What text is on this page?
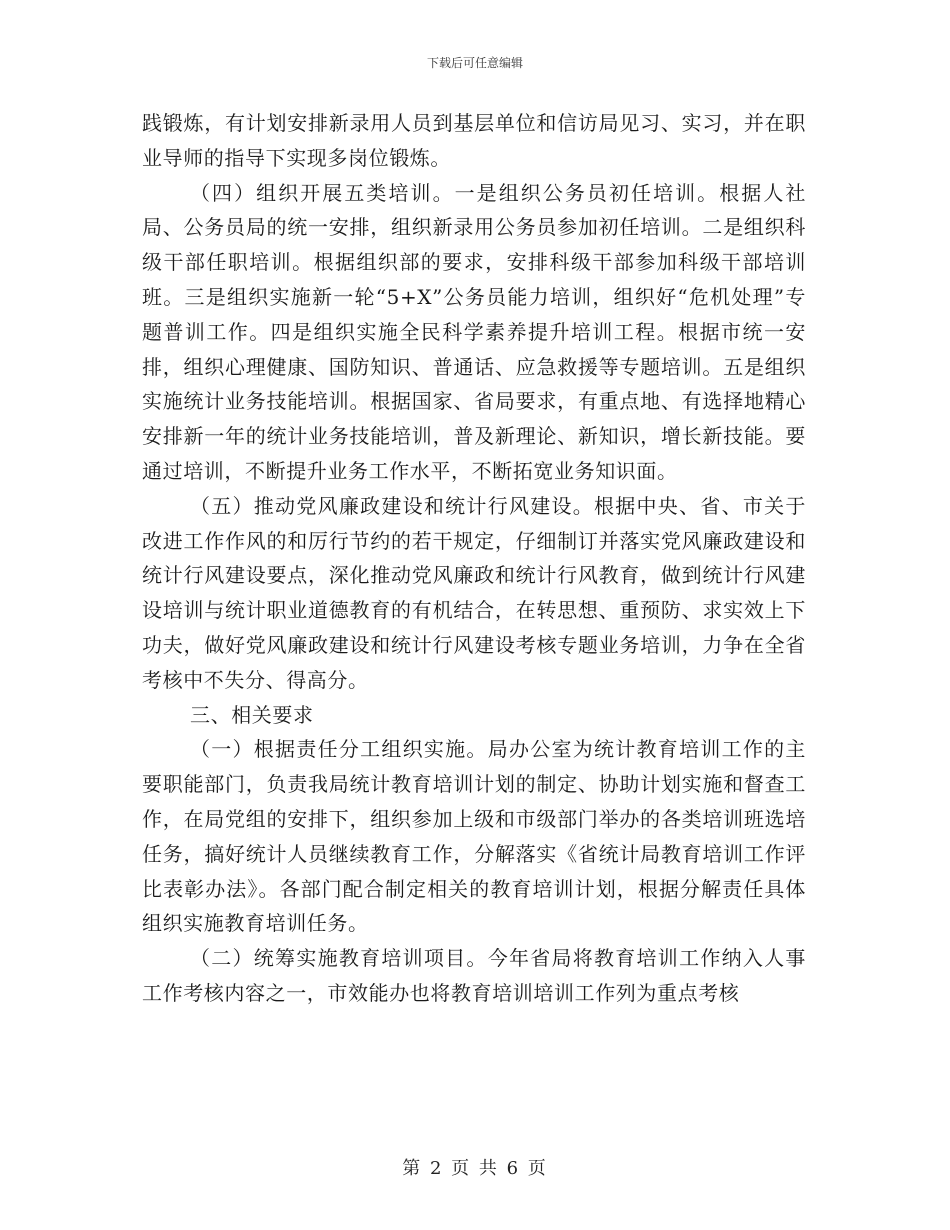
下载后可任意编辑

践锻炼，有计划安排新录用人员到基层单位和信访局见习、实习，并在职业导师的指导下实现多岗位锻炼。

（四）组织开展五类培训。一是组织公务员初任培训。根据人社局、公务员局的统一安排，组织新录用公务员参加初任培训。二是组织科级干部任职培训。根据组织部的要求，安排科级干部参加科级干部培训班。三是组织实施新一轮“5+X”公务员能力培训，组织好“危机处理”专题普训工作。四是组织实施全民科学素养提升培训工程。根据市统一安排，组织心理健康、国防知识、普通话、应急救援等专题培训。五是组织实施统计业务技能培训。根据国家、省局要求，有重点地、有选择地精心安排新一年的统计业务技能培训，普及新理论、新知识，增长新技能。要通过培训，不断提升业务工作水平，不断拓宽业务知识面。

（五）推动党风廉政建设和统计行风建设。根据中央、省、市关于改进工作作风的和厉行节约的若干规定，仔细制订并落实党风廉政建设和统计行风建设要点，深化推动党风廉政和统计行风教育，做到统计行风建设培训与统计职业道德教育的有机结合，在转思想、重预防、求实效上下功夫，做好党风廉政建设和统计行风建设考核专题业务培训，力争在全省考核中不失分、得高分。

三、相关要求

（一）根据责任分工组织实施。局办公室为统计教育培训工作的主要职能部门，负责我局统计教育培训计划的制定、协助计划实施和督查工作，在局党组的安排下，组织参加上级和市级部门举办的各类培训班选培任务，搞好统计人员继续教育工作，分解落实《省统计局教育培训工作评比表彰办法》。各部门配合制定相关的教育培训计划，根据分解责任具体组织实施教育培训任务。

（二）统筹实施教育培训项目。今年省局将教育培训工作纳入人事工作考核内容之一，市效能办也将教育培训培训工作列为重点考核

第 2 页 共 6 页
